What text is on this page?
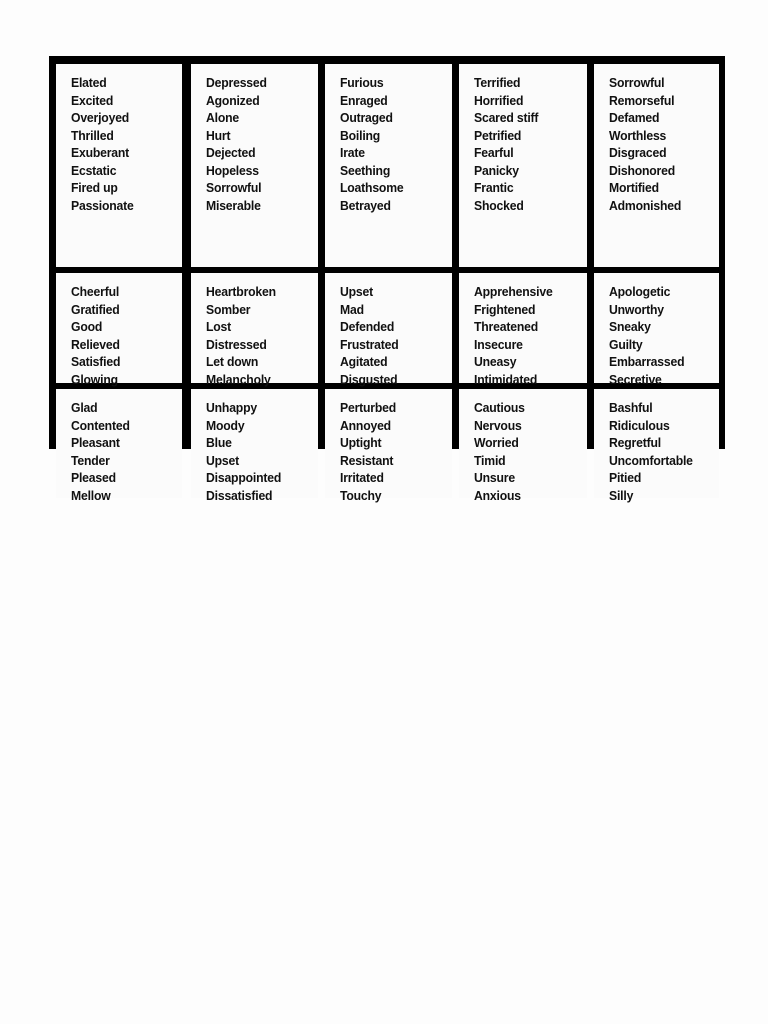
Elated
Excited
Overjoyed
Thrilled
Exuberant
Ecstatic
Fired up
Passionate
Depressed
Agonized
Alone
Hurt
Dejected
Hopeless
Sorrowful
Miserable
Furious
Enraged
Outraged
Boiling
Irate
Seething
Loathsome
Betrayed
Terrified
Horrified
Scared stiff
Petrified
Fearful
Panicky
Frantic
Shocked
Sorrowful
Remorseful
Defamed
Worthless
Disgraced
Dishonored
Mortified
Admonished
Cheerful
Gratified
Good
Relieved
Satisfied
Glowing
Heartbroken
Somber
Lost
Distressed
Let down
Melancholy
Upset
Mad
Defended
Frustrated
Agitated
Disgusted
Apprehensive
Frightened
Threatened
Insecure
Uneasy
Intimidated
Apologetic
Unworthy
Sneaky
Guilty
Embarrassed
Secretive
Glad
Contented
Pleasant
Tender
Pleased
Mellow
Unhappy
Moody
Blue
Upset
Disappointed
Dissatisfied
Perturbed
Annoyed
Uptight
Resistant
Irritated
Touchy
Cautious
Nervous
Worried
Timid
Unsure
Anxious
Bashful
Ridiculous
Regretful
Uncomfortable
Pitied
Silly
